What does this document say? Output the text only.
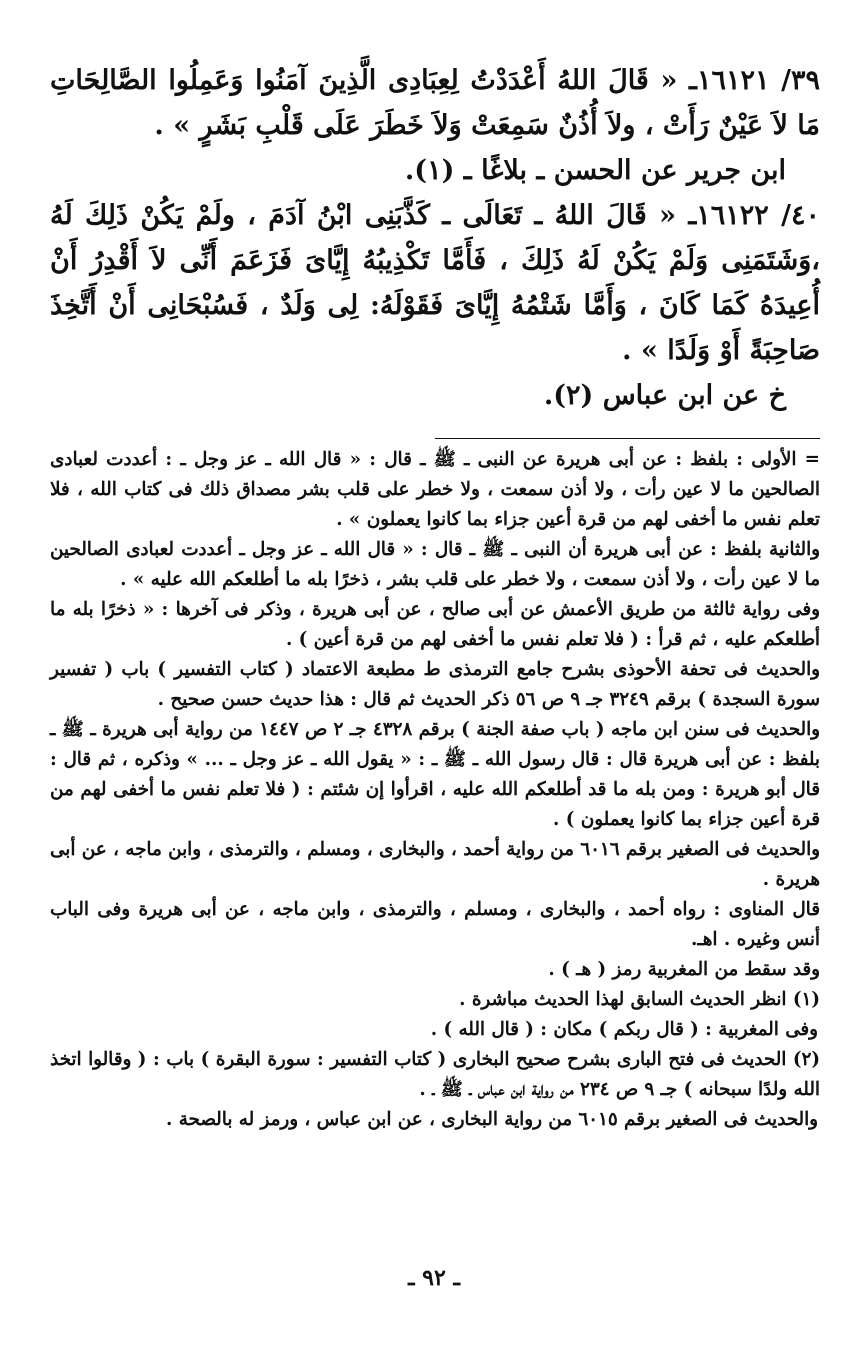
٣٩/ ١٦١٢١ـ « قَالَ اللهُ أَعْدَدْتُ لِعِبَادِى الَّذِينَ آمَنُوا وَعَمِلُوا الصَّالِحَاتِ مَا لاَ عَيْنٌ رَأَتْ ، ولاَ أُذُنٌ سَمِعَتْ وَلاَ خَطَرَ عَلَى قَلْبِ بَشَرٍ » .

ابن جرير عن الحسن ـ بلاغًا ـ (١).

٤٠/ ١٦١٢٢ـ « قَالَ اللهُ ـ تَعَالَى ـ كَذَّبَنِى ابْنُ آدَمَ ، ولَمْ يَكُنْ ذَلِكَ لَهُ ،وَشَتَمَنِى وَلَمْ يَكُنْ لَهُ ذَلِكَ ، فَأَمَّا تَكْذِيبُهُ إِيَّاىَ فَزَعَمَ أَنِّى لاَ أَقْدِرُ أَنْ أُعِيدَهُ كَمَا كَانَ ، وَأَمَّا شَتْمُهُ إِيَّاىَ فَقَوْلَهُ: لِى وَلَدٌ ، فَسُبْحَانِى أَنْ أَتَّخِذَ صَاحِبَةً أَوْ وَلَدًا » .

خ عن ابن عباس (٢).

= الأولى : بلفظ : عن أبى هريرة عن النبى ـ ﷺ ـ قال : « قال الله ـ عز وجل ـ : أعددت لعبادى الصالحين ما لا عين رأت ، ولا أذن سمعت ، ولا خطر على قلب بشر مصداق ذلك فى كتاب الله ، فلا تعلم نفس ما أخفى لهم من قرة أعين جزاء بما كانوا يعملون » .

والثانية بلفظ : عن أبى هريرة أن النبى ـ ﷺ ـ قال : « قال الله ـ عز وجل ـ أعددت لعبادى الصالحين ما لا عين رأت ، ولا أذن سمعت ، ولا خطر على قلب بشر ، ذخرًا بله ما أطلعكم الله عليه » .

وفى رواية ثالثة من طريق الأعمش عن أبى صالح ، عن أبى هريرة ، وذكر فى آخرها : « ذخرًا بله ما أطلعكم عليه ، ثم قرأ : ( فلا تعلم نفس ما أخفى لهم من قرة أعين ) .

والحديث فى تحفة الأحوذى بشرح جامع الترمذى ط مطبعة الاعتماد ( كتاب التفسير ) باب ( تفسير سورة السجدة ) برقم ٣٢٤٩ جـ ٩ ص ٥٦ ذكر الحديث ثم قال : هذا حديث حسن صحيح .

والحديث فى سنن ابن ماجه ( باب صفة الجنة ) برقم ٤٣٢٨ جـ ٢ ص ١٤٤٧ من رواية أبى هريرة ـ ﷺ ـ بلفظ : عن أبى هريرة قال : قال رسول الله ـ ﷺ ـ : « يقول الله ـ عز وجل ـ ... » وذكره ، ثم قال : قال أبو هريرة : ومن بله ما قد أطلعكم الله عليه ، اقرأوا إن شئتم : ( فلا تعلم نفس ما أخفى لهم من قرة أعين جزاء بما كانوا يعملون ) .

والحديث فى الصغير برقم ٦٠١٦ من رواية أحمد ، والبخارى ، ومسلم ، والترمذى ، وابن ماجه ، عن أبى هريرة .

قال المناوى : رواه أحمد ، والبخارى ، ومسلم ، والترمذى ، وابن ماجه ، عن أبى هريرة وفى الباب أنس وغيره . اهـ.

وقد سقط من المغربية رمز ( هـ ) .

(١) انظر الحديث السابق لهذا الحديث مباشرة .

وفى المغربية : ( قال ربكم ) مكان : ( قال الله ) .

(٢) الحديث فى فتح البارى بشرح صحيح البخارى ( كتاب التفسير : سورة البقرة ) باب : ( وقالوا اتخذ الله ولدًا سبحانه ) جـ ٩ ص ٢٣٤ من رواية ابن عباس ـ ﷺ ـ .

والحديث فى الصغير برقم ٦٠١٥ من رواية البخارى ، عن ابن عباس ، ورمز له بالصحة .

ـ ٩٢ ـ
